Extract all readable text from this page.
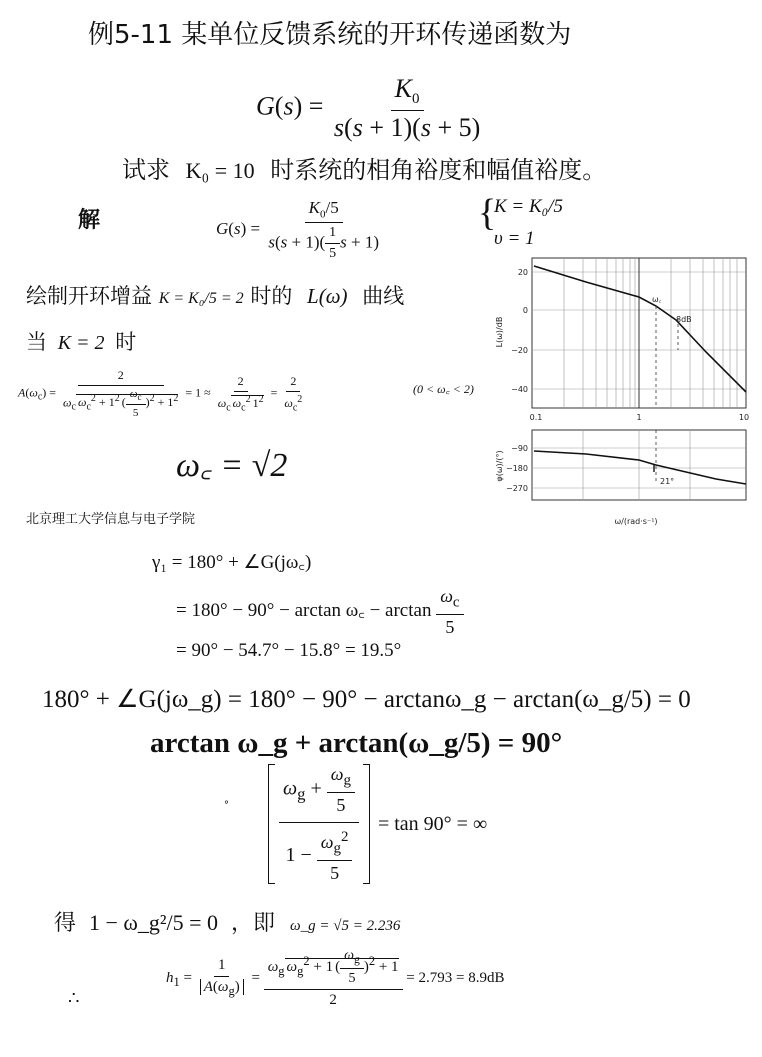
例5-11 某单位反馈系统的开环传递函数为
$G(s) = \frac{K_0}{s(s + 1)(s + 5)}$
试求 K₀ = 10 时系统的相角裕度和幅值裕度。
解	$G(s) = \frac{K_0/5}{s(s + 1)( \frac{1}{5} s + 1)}$ {
K = K₀/5
υ = 1
绘制开环增益 K = K₀/5 = 2 时的 L(ω) 曲线
当 K = 2 时
$A(\omega_c) = \frac{2}{\omega_c \omega_c^2 + 1^2 ( \frac{\omega_c}{5} )^2 + 1^2} = 1 \approx \frac{2}{\omega_c \omega_c^2 1^2} = \frac{2}{\omega_c^2}$	(0 < ω꜀ < 2)
ω꜀ = √2
北京理工大学信息与电子学院
20
0
−20
−40
L(ω)/dB
ω꜀
8dB
0.1	1	10
−90
−180
−270
φ(ω)/(°)	21°
ω/(rad·s⁻¹)
γ₁ = 180° + ∠G(jω꜀)
= 180° − 90° − arctan ω꜀ − $\arctan \frac{\omega_c}{5}$
= 90° − 54.7° − 15.8° = 19.5°
180° + ∠G(jω_g) = 180° − 90° − arctanω_g − arctan(ω_g/5) = 0
arctan ω_g + arctan(ω_g/5) = 90°
°	$\frac{\omega_g + \frac{\omega_g}{5}}{1 - \frac{\omega_g^2}{5}} = \tan 90^\circ$ = ∞
得 1 − ω_g²/5 = 0 ，即 ω_g = √5 = 2.236
∴
$h_1 = \frac{1}{A(\omega_g)} = \frac{\omega_g \omega_g^2 + 1 ( \frac{\omega_g}{5} )^2 + 1}{2} = 2.793 = 8.9dB$
